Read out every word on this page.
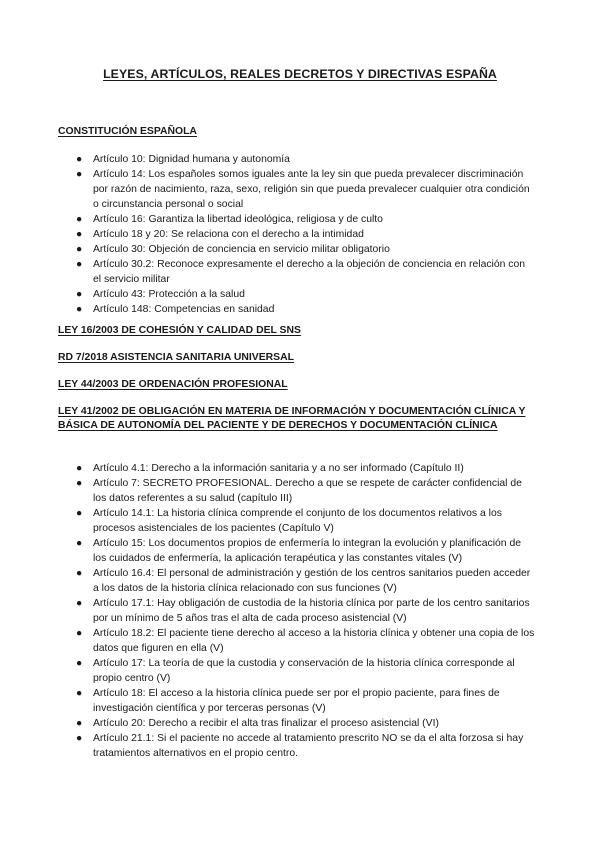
LEYES, ARTÍCULOS, REALES DECRETOS Y DIRECTIVAS ESPAÑA
CONSTITUCIÓN ESPAÑOLA
● Artículo 10: Dignidad humana y autonomía
● Artículo 14: Los españoles somos iguales ante la ley sin que pueda prevalecer discriminación por razón de nacimiento, raza, sexo, religión sin que pueda prevalecer cualquier otra condición o circunstancia personal o social
● Artículo 16: Garantiza la libertad ideológica, religiosa y de culto
● Artículo 18 y 20: Se relaciona con el derecho a la intimidad
● Artículo 30: Objeción de conciencia en servicio militar obligatorio
● Artículo 30.2: Reconoce expresamente el derecho a la objeción de conciencia en relación con el servicio militar
● Artículo 43: Protección a la salud
● Artículo 148: Competencias en sanidad
LEY 16/2003 DE COHESIÓN Y CALIDAD DEL SNS
RD 7/2018 ASISTENCIA SANITARIA UNIVERSAL
LEY 44/2003 DE ORDENACIÓN PROFESIONAL
LEY 41/2002 DE OBLIGACIÓN EN MATERIA DE INFORMACIÓN Y DOCUMENTACIÓN CLÍNICA Y BÁSICA DE AUTONOMÍA DEL PACIENTE Y DE DERECHOS Y DOCUMENTACIÓN CLÍNICA
● Artículo 4.1: Derecho a la información sanitaria y a no ser informado (Capítulo II)
● Artículo 7: SECRETO PROFESIONAL. Derecho a que se respete de carácter confidencial de los datos referentes a su salud (capítulo III)
● Artículo 14.1: La historia clínica comprende el conjunto de los documentos relativos a los procesos asistenciales de los pacientes (Capítulo V)
● Artículo 15: Los documentos propios de enfermería lo integran la evolución y planificación de los cuidados de enfermería, la aplicación terapéutica y las constantes vitales (V)
● Artículo 16.4: El personal de administración y gestión de los centros sanitarios pueden acceder a los datos de la historia clínica relacionado con sus funciones (V)
● Artículo 17.1: Hay obligación de custodia de la historia clínica por parte de los centro sanitarios por un mínimo de 5 años tras el alta de cada proceso asistencial (V)
● Artículo 18.2: El paciente tiene derecho al acceso a la historia clínica y obtener una copia de los datos que figuren en ella (V)
● Artículo 17: La teoría de que la custodia y conservación de la historia clínica corresponde al propio centro (V)
● Artículo 18: El acceso a la historia clínica puede ser por el propio paciente, para fines de investigación científica y por terceras personas (V)
● Artículo 20: Derecho a recibir el alta tras finalizar el proceso asistencial (VI)
● Artículo 21.1: Si el paciente no accede al tratamiento prescrito NO se da el alta forzosa si hay tratamientos alternativos en el propio centro.
